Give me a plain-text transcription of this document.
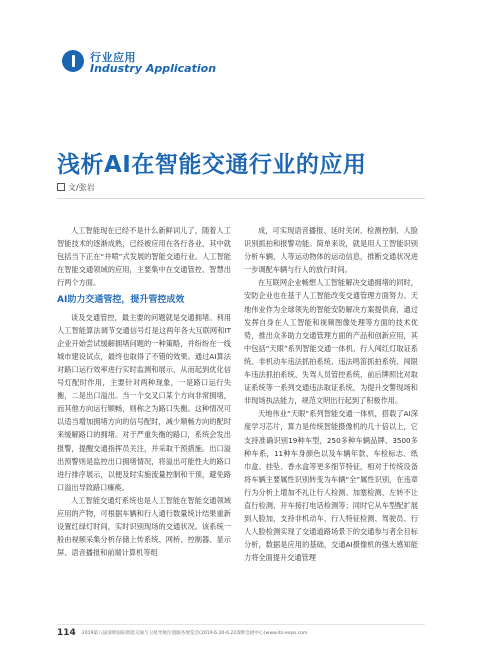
行业应用
Industry Application
浅析AI在智能交通行业的应用
文/张岩

人工智能现在已经不是什么新鲜词儿了，随着人工智能技术的逐渐成熟，已经被应用在各行各业，其中就包括当下正在“井喷”式发展的智能交通行业。人工智能在智能交通领域的应用，主要集中在交通管控、智慧出行两个方面。

AI助力交通管控，提升管控成效

谈及交通管控，最主要的问题就是交通拥堵。利用人工智能算法调节交通信号灯是这两年各大互联网和IT企业开始尝试缓解拥堵问题的一种策略，并纷纷在一线城市建设试点，最终也取得了不错的效果。通过AI算法对路口运行效率进行实时监测和展示，从而起到优化信号灯配时作用，主要针对两种现象，一是路口运行失衡，二是出口溢出。当一个交叉口某个方向非常拥堵，而其他方向运行顺畅，则称之为路口失衡。这种情况可以适当增加拥堵方向的信号配时，减少顺畅方向的配时来缓解路口的拥堵。对于严重失衡的路口，系统会发出报警，提醒交通指挥员关注，并采取干预措施。出口溢出预警则是监控出口拥堵情况，将溢出可能性大的路口进行排序展示，以便及时实施流量控制和干预，避免路口溢出导致路口瘫痪。

人工智能交通灯系统也是人工智能在智能交通领域应用的产物，可根据车辆和行人通行数量统计结果重新设置红绿灯时间，实时识别现场的交通状况。该系统一般由视频采集分析存储上传系统、网桥、控制器、显示屏、语音播报和前端计算机等组

成，可实现语音播报、延时关闭、检测控制、人脸识别抓拍和报警功能。简单来说，就是用人工智能识别分析车辆、人等运动物体的运动信息，推断交通状况进一步调配车辆与行人的放行时间。

在互联网企业畅想人工智能解决交通拥堵的同时，安防企业也在基于人工智能改变交通管理方面努力。天地伟业作为全球领先的智能安防解决方案提供商，通过发挥自身在人工智能和视频图像处理等方面的技术优势，推出众多助力交通管理方面的产品和创新应用，其中包括“天眼”系列智能交通一体机、行人闯红灯取证系统、非机动车违法抓拍系统、违法鸣笛抓拍系统、闯限车违法抓拍系统、失驾人员管控系统、前后牌照比对取证系统等一系列交通违法取证系统，为提升交警现场和非现场执法能力，规范文明出行起到了积极作用。

天地伟业“天眼”系列智能交通一体机，搭载了AI深度学习芯片，算力是传统智能摄像机的几十倍以上，它支持准确识别19种车型，250多种车辆品牌、3500多种车系，11种车身颜色以及车辆年款、车检标志、纸巾盒、挂坠、香水盒等更多细节特征，相对于传统设备将车辆主要属性识别转变为车辆“全”属性识别，在违章行为分析上增加不礼让行人检测、加塞检测、左转不让直行检测、开车接打电话检测等；同时它从车型配扩展到人脸加，支持非机动车、行人特征检测、驾驶员、行人人脸检测实现了交通道路场景下的交通参与者全目标分析，数据是应用的基础，交通AI摄像机的强大感知能力将全面提升交通管理

114 2019第八届深圳国际智能交通与卫星导航位置服务展览会(2019.6.20-6.22深圳会展中心)www.its-expo.com
